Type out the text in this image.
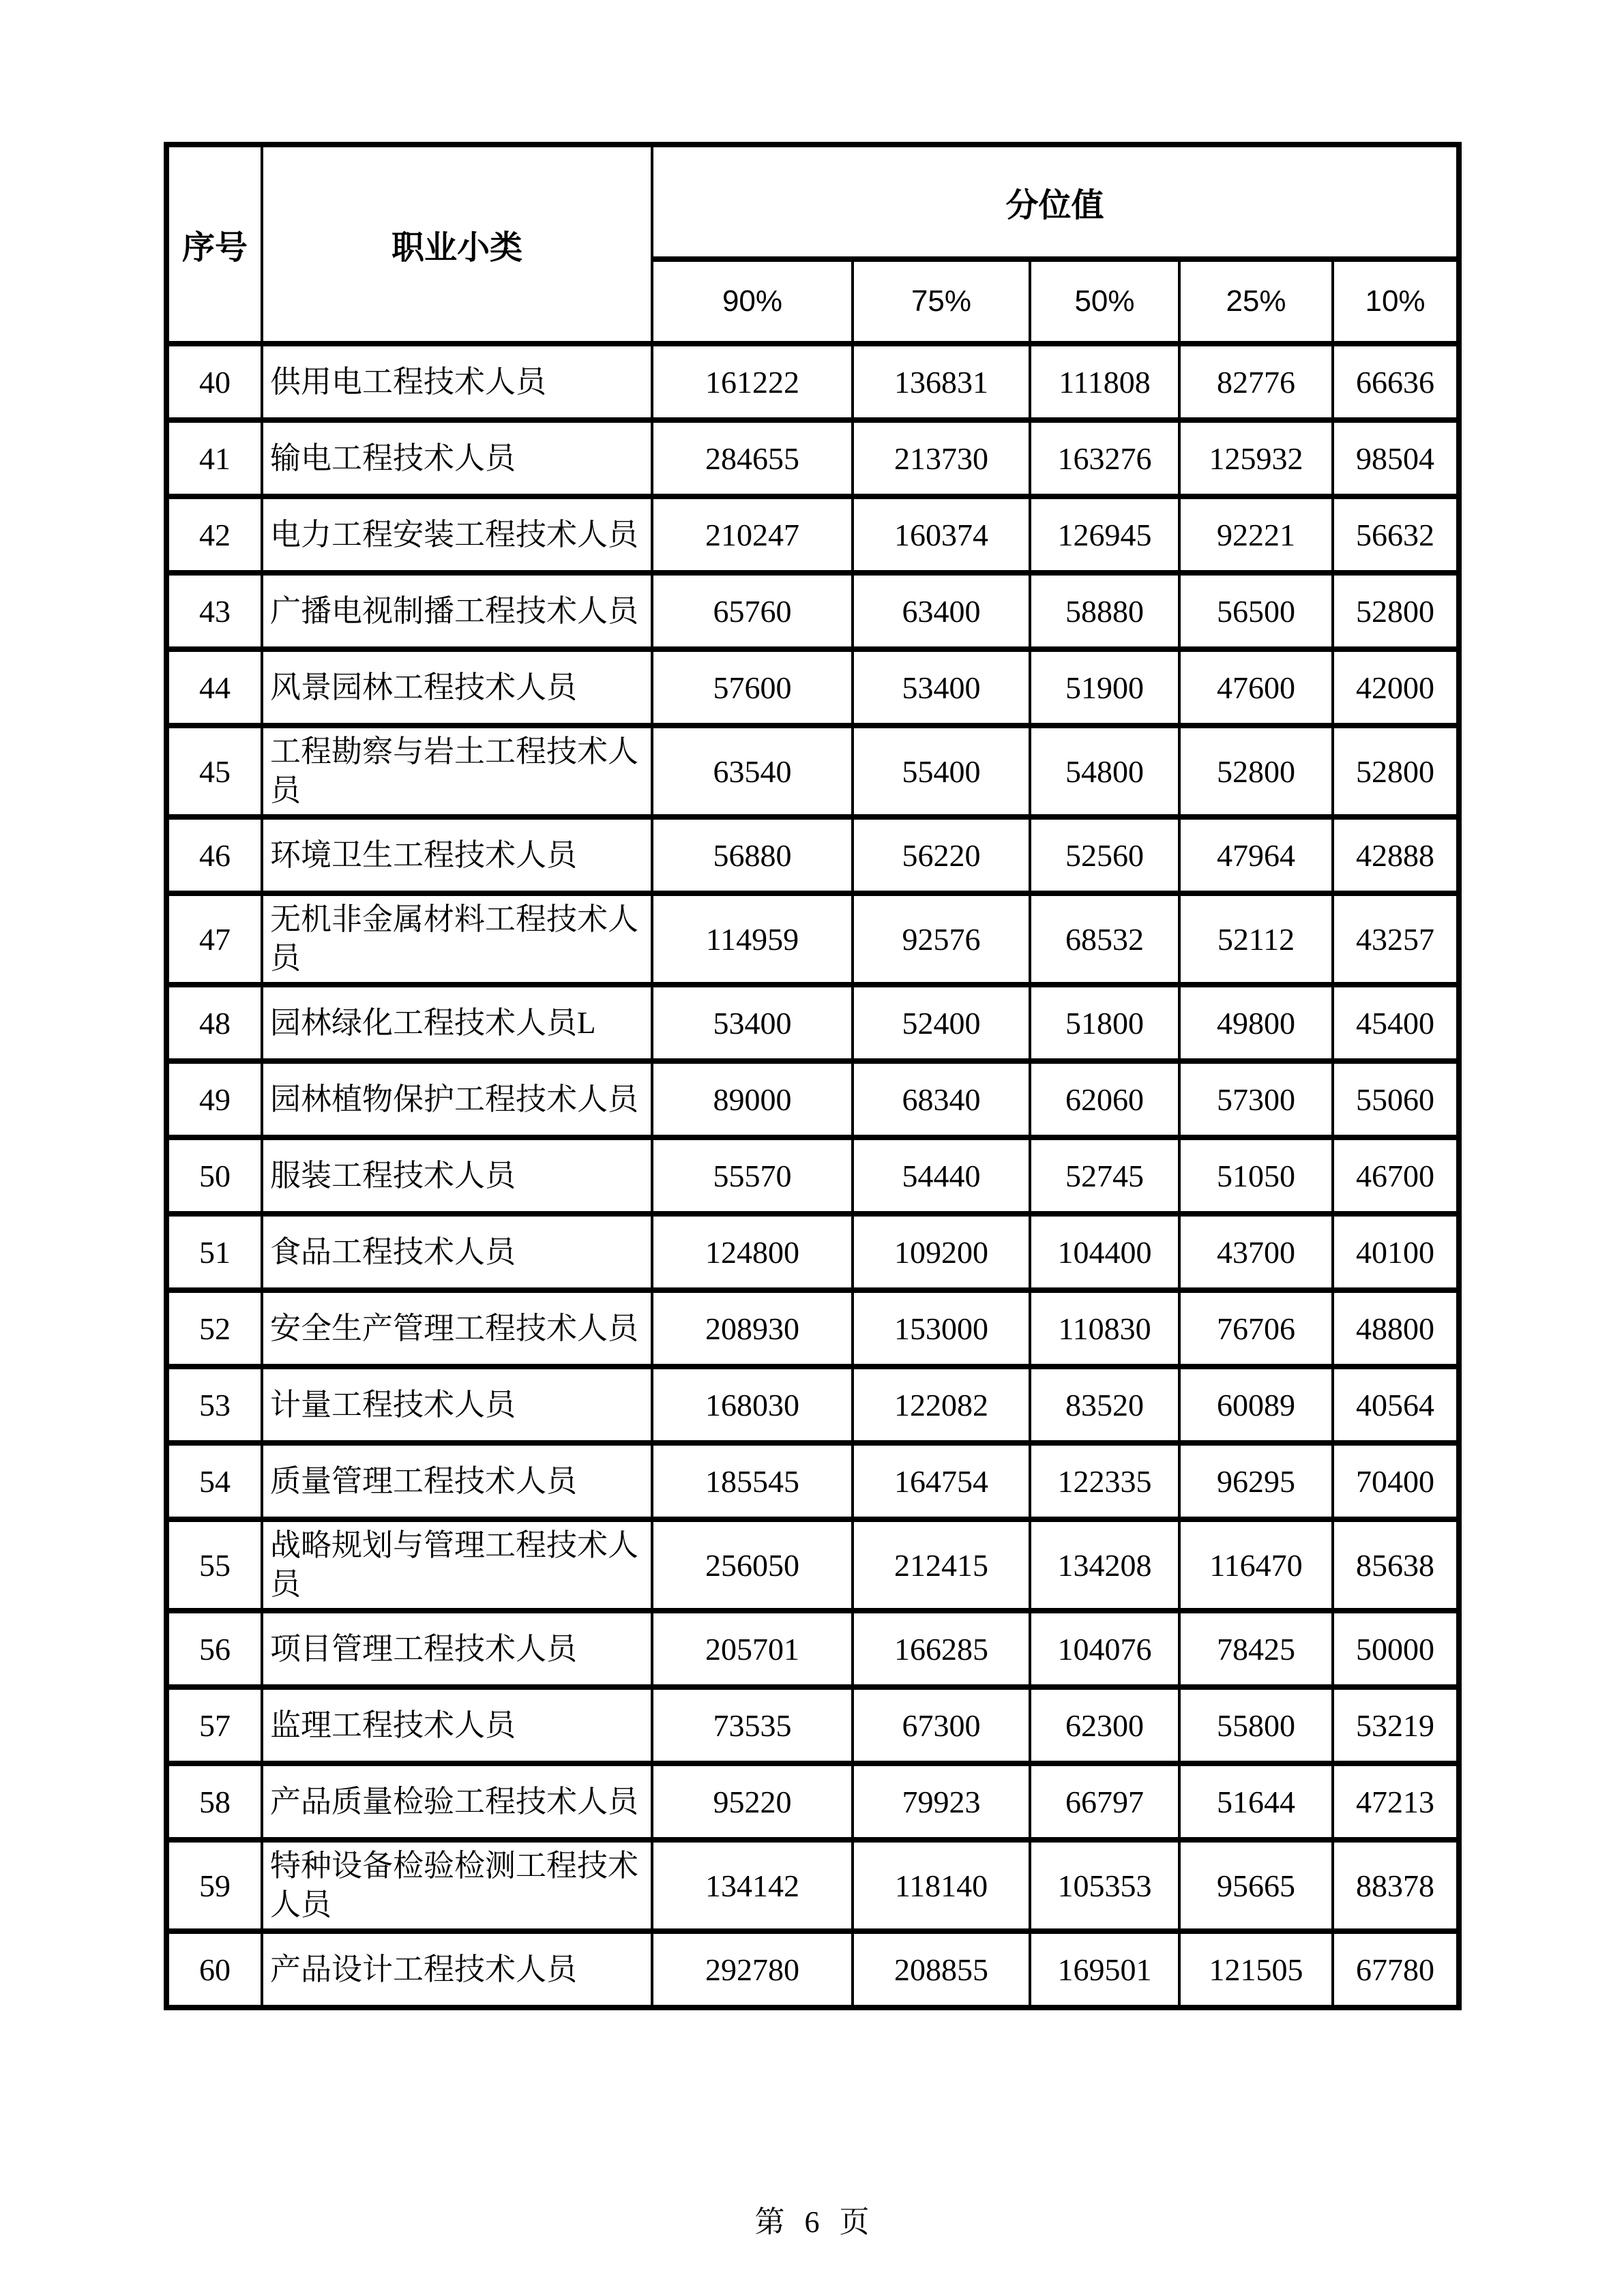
序号	职业小类	分位值				
		90%	75%	50%	25%	10%
40	供用电工程技术人员	161222	136831	111808	82776	66636
41	输电工程技术人员	284655	213730	163276	125932	98504
42	电力工程安装工程技术人员	210247	160374	126945	92221	56632
43	广播电视制播工程技术人员	65760	63400	58880	56500	52800
44	风景园林工程技术人员	57600	53400	51900	47600	42000
45	工程勘察与岩土工程技术人员	63540	55400	54800	52800	52800
46	环境卫生工程技术人员	56880	56220	52560	47964	42888
47	无机非金属材料工程技术人员	114959	92576	68532	52112	43257
48	园林绿化工程技术人员L	53400	52400	51800	49800	45400
49	园林植物保护工程技术人员	89000	68340	62060	57300	55060
50	服装工程技术人员	55570	54440	52745	51050	46700
51	食品工程技术人员	124800	109200	104400	43700	40100
52	安全生产管理工程技术人员	208930	153000	110830	76706	48800
53	计量工程技术人员	168030	122082	83520	60089	40564
54	质量管理工程技术人员	185545	164754	122335	96295	70400
55	战略规划与管理工程技术人员	256050	212415	134208	116470	85638
56	项目管理工程技术人员	205701	166285	104076	78425	50000
57	监理工程技术人员	73535	67300	62300	55800	53219
58	产品质量检验工程技术人员	95220	79923	66797	51644	47213
59	特种设备检验检测工程技术人员	134142	118140	105353	95665	88378
60	产品设计工程技术人员	292780	208855	169501	121505	67780
第 6 页
